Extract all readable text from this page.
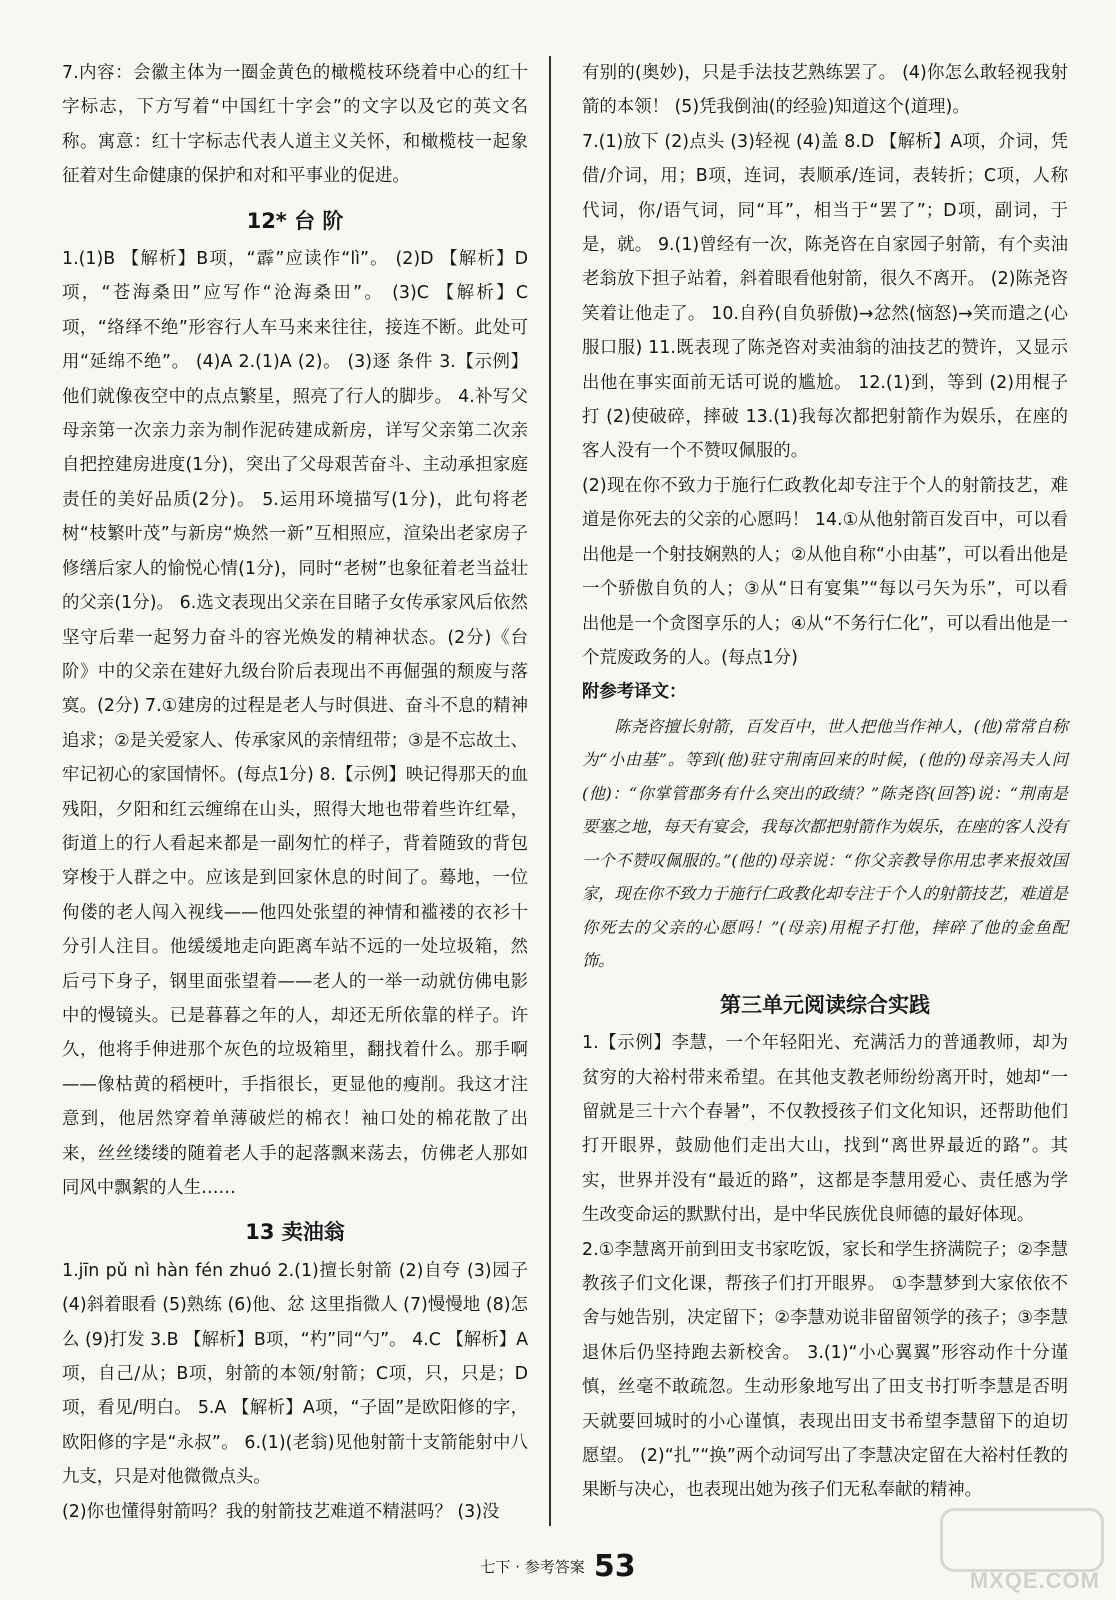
7.内容：会徽主体为一圈金黄色的橄榄枝环绕着中心的红十字标志，下方写着“中国红十字会”的文字以及它的英文名称。寓意：红十字标志代表人道主义关怀，和橄榄枝一起象征着对生命健康的保护和对和平事业的促进。

12* 台 阶

1.(1)B 【解析】B项，“霹”应读作“lì”。 (2)D 【解析】D项，“苍海桑田”应写作“沧海桑田”。 (3)C 【解析】C项，“络绎不绝”形容行人车马来来往往，接连不断。此处可用“延绵不绝”。 (4)A 2.(1)A (2)。 (3)逐 条件 3.【示例】他们就像夜空中的点点繁星，照亮了行人的脚步。 4.补写父母亲第一次亲力亲为制作泥砖建成新房，详写父亲第二次亲自把控建房进度(1分)，突出了父母艰苦奋斗、主动承担家庭责任的美好品质(2分)。 5.运用环境描写(1分)，此句将老树“枝繁叶茂”与新房“焕然一新”互相照应，渲染出老家房子修缮后家人的愉悦心情(1分)，同时“老树”也象征着老当益壮的父亲(1分)。 6.选文表现出父亲在目睹子女传承家风后依然坚守后辈一起努力奋斗的容光焕发的精神状态。(2分)《台阶》中的父亲在建好九级台阶后表现出不再倔强的颓废与落寞。(2分) 7.①建房的过程是老人与时俱进、奋斗不息的精神追求；②是关爱家人、传承家风的亲情纽带；③是不忘故土、牢记初心的家国情怀。(每点1分) 8.【示例】映记得那天的血残阳，夕阳和红云缠绵在山头，照得大地也带着些许红晕，街道上的行人看起来都是一副匆忙的样子，背着随致的背包穿梭于人群之中。应该是到回家休息的时间了。蓦地，一位佝偻的老人闯入视线——他四处张望的神情和褴褛的衣衫十分引人注目。他缓缓地走向距离车站不远的一处垃圾箱，然后弓下身子，钢里面张望着——老人的一举一动就仿佛电影中的慢镜头。已是暮暮之年的人，却还无所依靠的样子。许久，他将手伸进那个灰色的垃圾箱里，翻找着什么。那手啊——像枯黄的稻梗叶，手指很长，更显他的瘦削。我这才注意到，他居然穿着单薄破烂的棉衣！袖口处的棉花散了出来，丝丝缕缕的随着老人手的起落飘来荡去，仿佛老人那如同风中飘絮的人生……

13 卖油翁

1.jīn pǔ nì hàn fén zhuó 2.(1)擅长射箭 (2)自夸 (3)园子 (4)斜着眼看 (5)熟练 (6)他、忿 这里指微人 (7)慢慢地 (8)怎么 (9)打发 3.B 【解析】B项，“杓”同“勺”。 4.C 【解析】A项，自己/从；B项，射箭的本领/射箭；C项，只，只是；D项，看见/明白。 5.A 【解析】A项，“子固”是欧阳修的字，欧阳修的字是“永叔”。 6.(1)(老翁)见他射箭十支箭能射中八九支，只是对他微微点头。

(2)你也懂得射箭吗？我的射箭技艺难道不精湛吗？ (3)没

有别的(奥妙)，只是手法技艺熟练罢了。 (4)你怎么敢轻视我射箭的本领！ (5)凭我倒油(的经验)知道这个(道理)。

7.(1)放下 (2)点头 (3)轻视 (4)盖 8.D 【解析】A项，介词，凭借/介词，用；B项，连词，表顺承/连词，表转折；C项，人称代词，你/语气词，同“耳”，相当于“罢了”；D项，副词，于是，就。 9.(1)曾经有一次，陈尧咨在自家园子射箭，有个卖油老翁放下担子站着，斜着眼看他射箭，很久不离开。 (2)陈尧咨笑着让他走了。 10.自矜(自负骄傲)→忿然(恼怒)→笑而遣之(心服口服) 11.既表现了陈尧咨对卖油翁的油技艺的赞许，又显示出他在事实面前无话可说的尴尬。 12.(1)到，等到 (2)用棍子打 (2)使破碎，摔破 13.(1)我每次都把射箭作为娱乐，在座的客人没有一个不赞叹佩服的。

(2)现在你不致力于施行仁政教化却专注于个人的射箭技艺，难道是你死去的父亲的心愿吗！ 14.①从他射箭百发百中，可以看出他是一个射技娴熟的人；②从他自称“小由基”，可以看出他是一个骄傲自负的人；③从“日有宴集”“每以弓矢为乐”，可以看出他是一个贪图享乐的人；④从“不务行仁化”，可以看出他是一个荒废政务的人。(每点1分)

附参考译文：

陈尧咨擅长射箭，百发百中，世人把他当作神人，(他)常常自称为“小由基”。等到(他)驻守荆南回来的时候，(他的)母亲冯夫人问(他)：“你掌管郡务有什么突出的政绩？”陈尧咨(回答)说：“荆南是要塞之地，每天有宴会，我每次都把射箭作为娱乐，在座的客人没有一个不赞叹佩服的。”(他的)母亲说：“你父亲教导你用忠孝来报效国家，现在你不致力于施行仁政教化却专注于个人的射箭技艺，难道是你死去的父亲的心愿吗！”(母亲)用棍子打他，摔碎了他的金鱼配饰。

第三单元阅读综合实践

1.【示例】李慧，一个年轻阳光、充满活力的普通教师，却为贫穷的大裕村带来希望。在其他支教老师纷纷离开时，她却“一留就是三十六个春暑”，不仅教授孩子们文化知识，还帮助他们打开眼界，鼓励他们走出大山，找到“离世界最近的路”。其实，世界并没有“最近的路”，这都是李慧用爱心、责任感为学生改变命运的默默付出，是中华民族优良师德的最好体现。

2.①李慧离开前到田支书家吃饭，家长和学生挤满院子；②李慧教孩子们文化课，帮孩子们打开眼界。 ①李慧梦到大家依依不舍与她告别，决定留下；②李慧劝说非留留领学的孩子；③李慧退休后仍坚持跑去新校舍。 3.(1)“小心翼翼”形容动作十分谨慎，丝毫不敢疏忽。生动形象地写出了田支书打听李慧是否明天就要回城时的小心谨慎，表现出田支书希望李慧留下的迫切愿望。 (2)“扎”“换”两个动词写出了李慧决定留在大裕村任教的果断与决心，也表现出她为孩子们无私奉献的精神。

七下 · 参考答案 53	MXQE.COM
